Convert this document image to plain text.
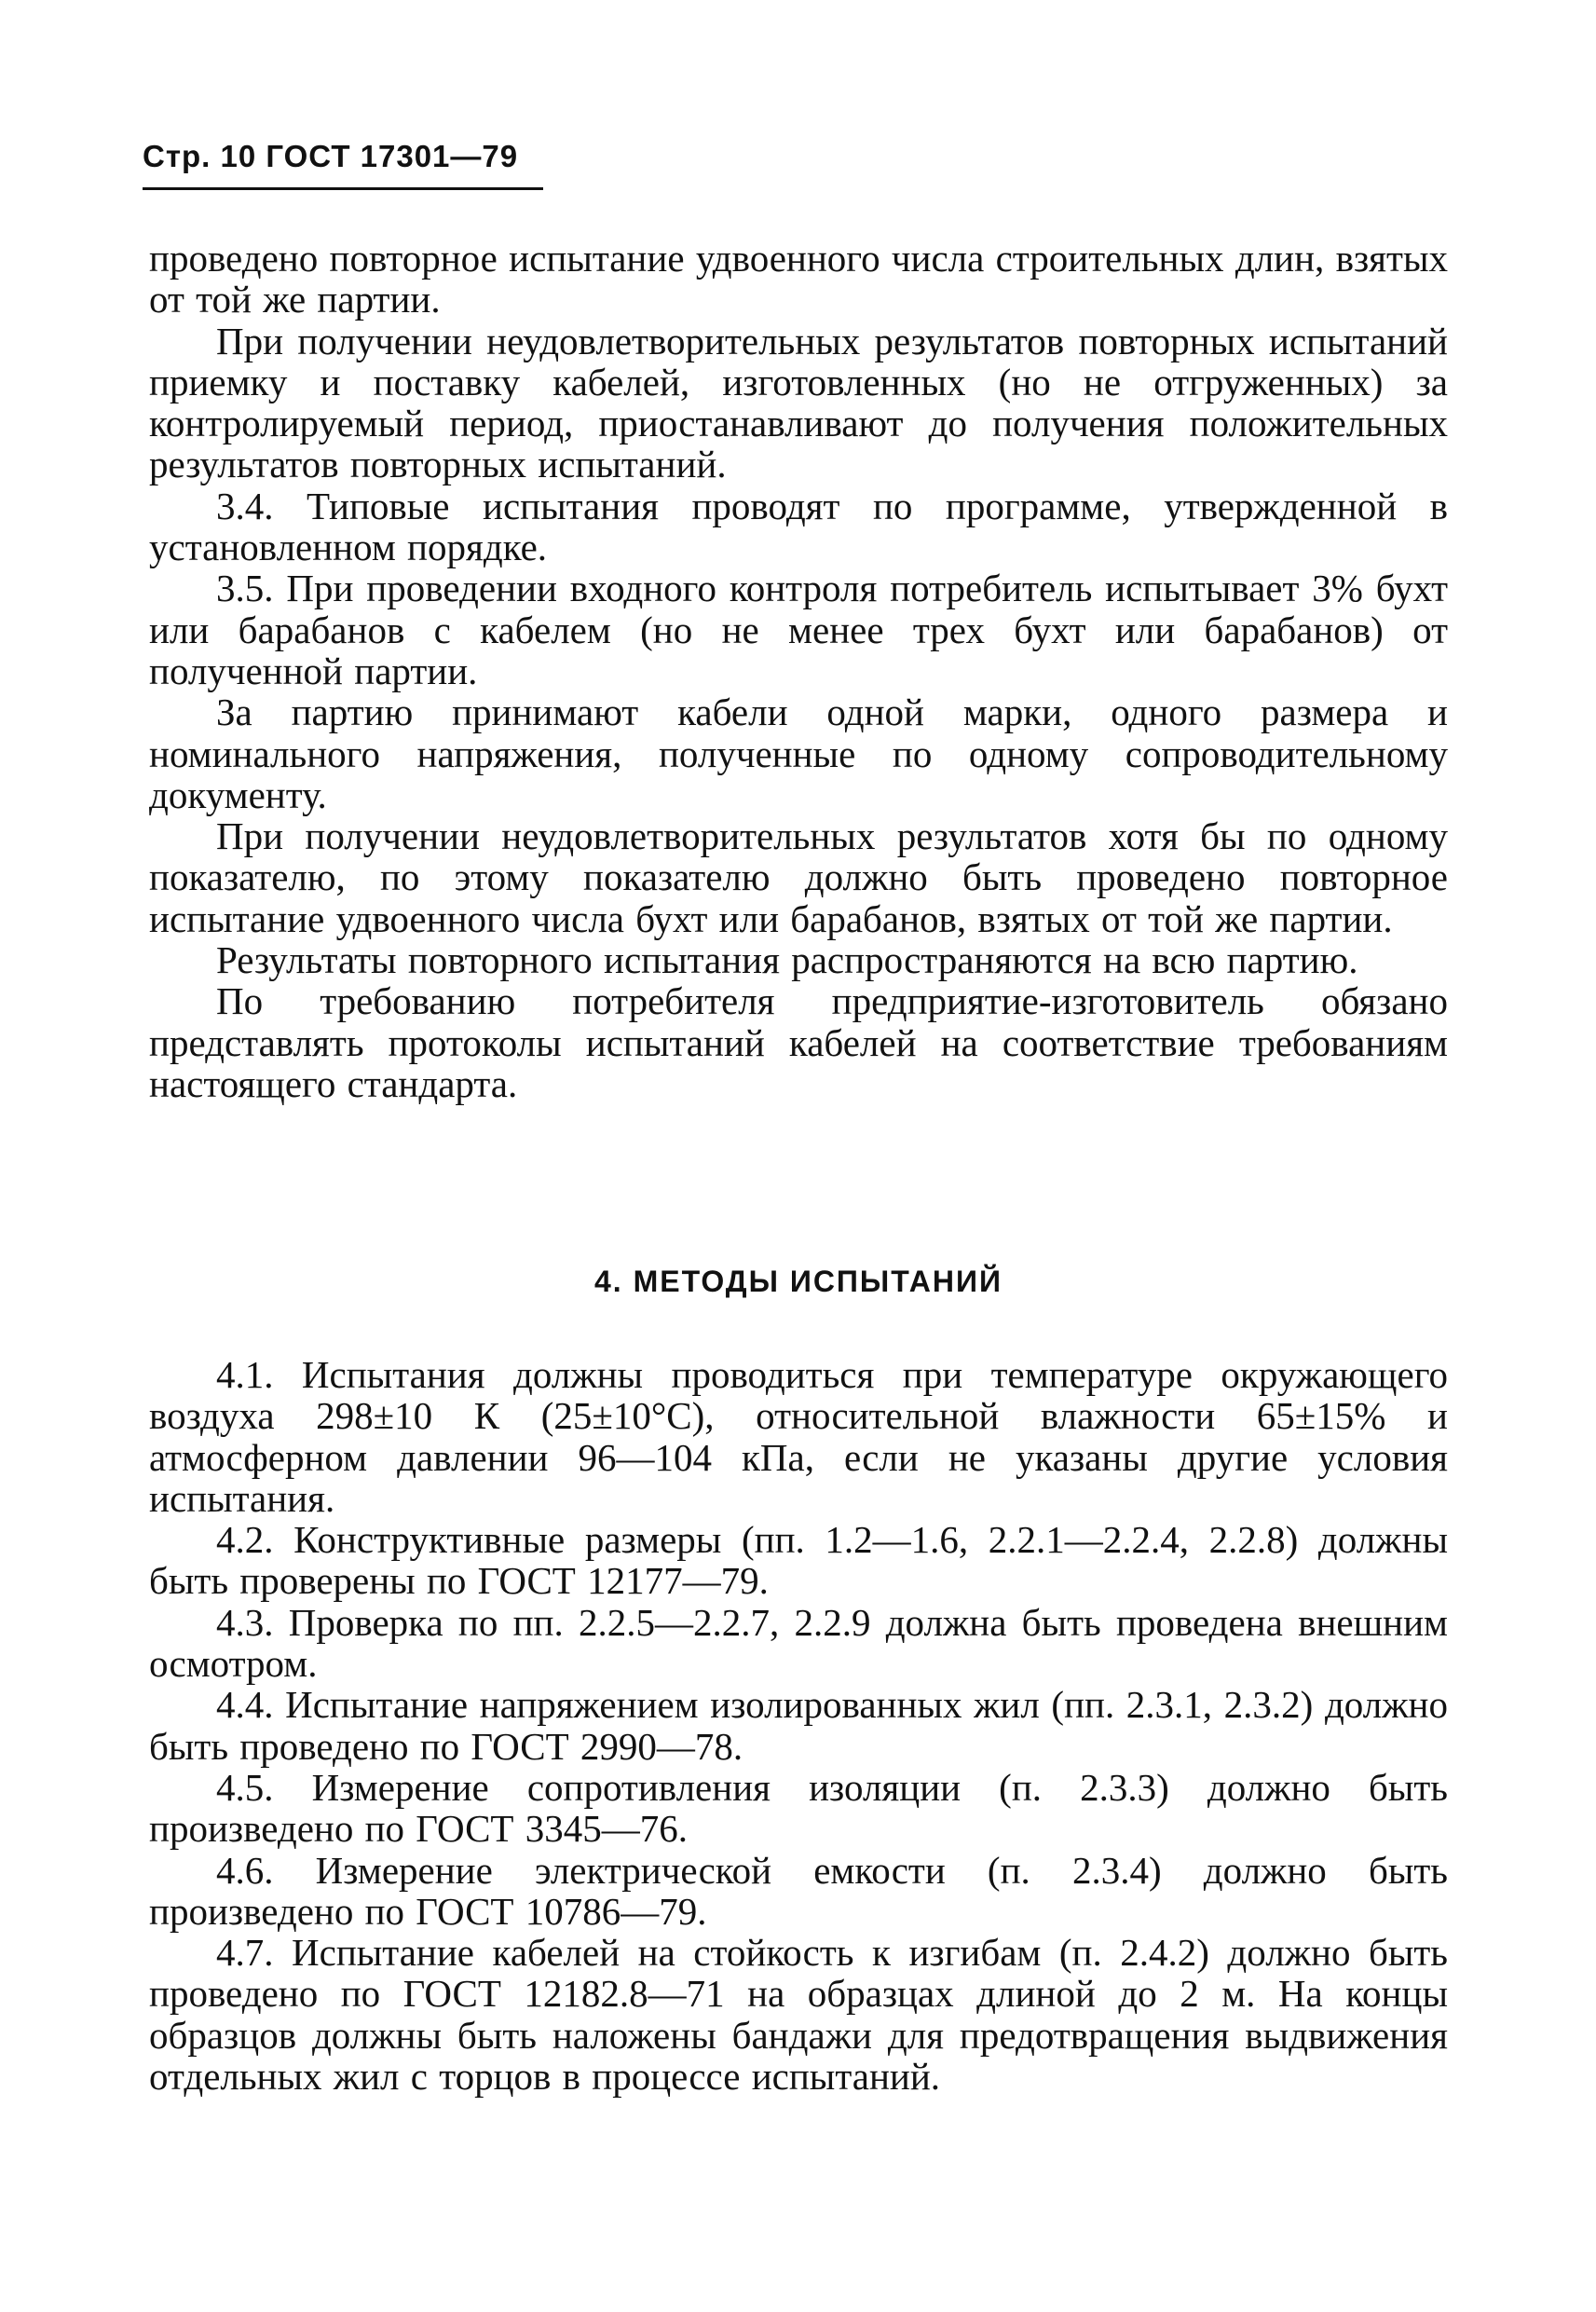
Стр. 10 ГОСТ 17301—79

проведено повторное испытание удвоенного числа строительных длин, взятых от той же партии.

При получении неудовлетворительных результатов повторных испытаний приемку и поставку кабелей, изготовленных (но не отгруженных) за контролируемый период, приостанавливают до получения положительных результатов повторных испытаний.

3.4. Типовые испытания проводят по программе, утвержденной в установленном порядке.

3.5. При проведении входного контроля потребитель испытывает 3% бухт или барабанов с кабелем (но не менее трех бухт или барабанов) от полученной партии.

За партию принимают кабели одной марки, одного размера и номинального напряжения, полученные по одному сопроводительному документу.

При получении неудовлетворительных результатов хотя бы по одному показателю, по этому показателю должно быть проведено повторное испытание удвоенного числа бухт или барабанов, взятых от той же партии.

Результаты повторного испытания распространяются на всю партию.

По требованию потребителя предприятие-изготовитель обязано представлять протоколы испытаний кабелей на соответствие требованиям настоящего стандарта.

4. МЕТОДЫ ИСПЫТАНИЙ

4.1. Испытания должны проводиться при температуре окружающего воздуха 298±10 К (25±10°С), относительной влажности 65±15% и атмосферном давлении 96—104 кПа, если не указаны другие условия испытания.

4.2. Конструктивные размеры (пп. 1.2—1.6, 2.2.1—2.2.4, 2.2.8) должны быть проверены по ГОСТ 12177—79.

4.3. Проверка по пп. 2.2.5—2.2.7, 2.2.9 должна быть проведена внешним осмотром.

4.4. Испытание напряжением изолированных жил (пп. 2.3.1, 2.3.2) должно быть проведено по ГОСТ 2990—78.

4.5. Измерение сопротивления изоляции (п. 2.3.3) должно быть произведено по ГОСТ 3345—76.

4.6. Измерение электрической емкости (п. 2.3.4) должно быть произведено по ГОСТ 10786—79.

4.7. Испытание кабелей на стойкость к изгибам (п. 2.4.2) должно быть проведено по ГОСТ 12182.8—71 на образцах длиной до 2 м. На концы образцов должны быть наложены бандажи для предотвращения выдвижения отдельных жил с торцов в процессе испытаний.
